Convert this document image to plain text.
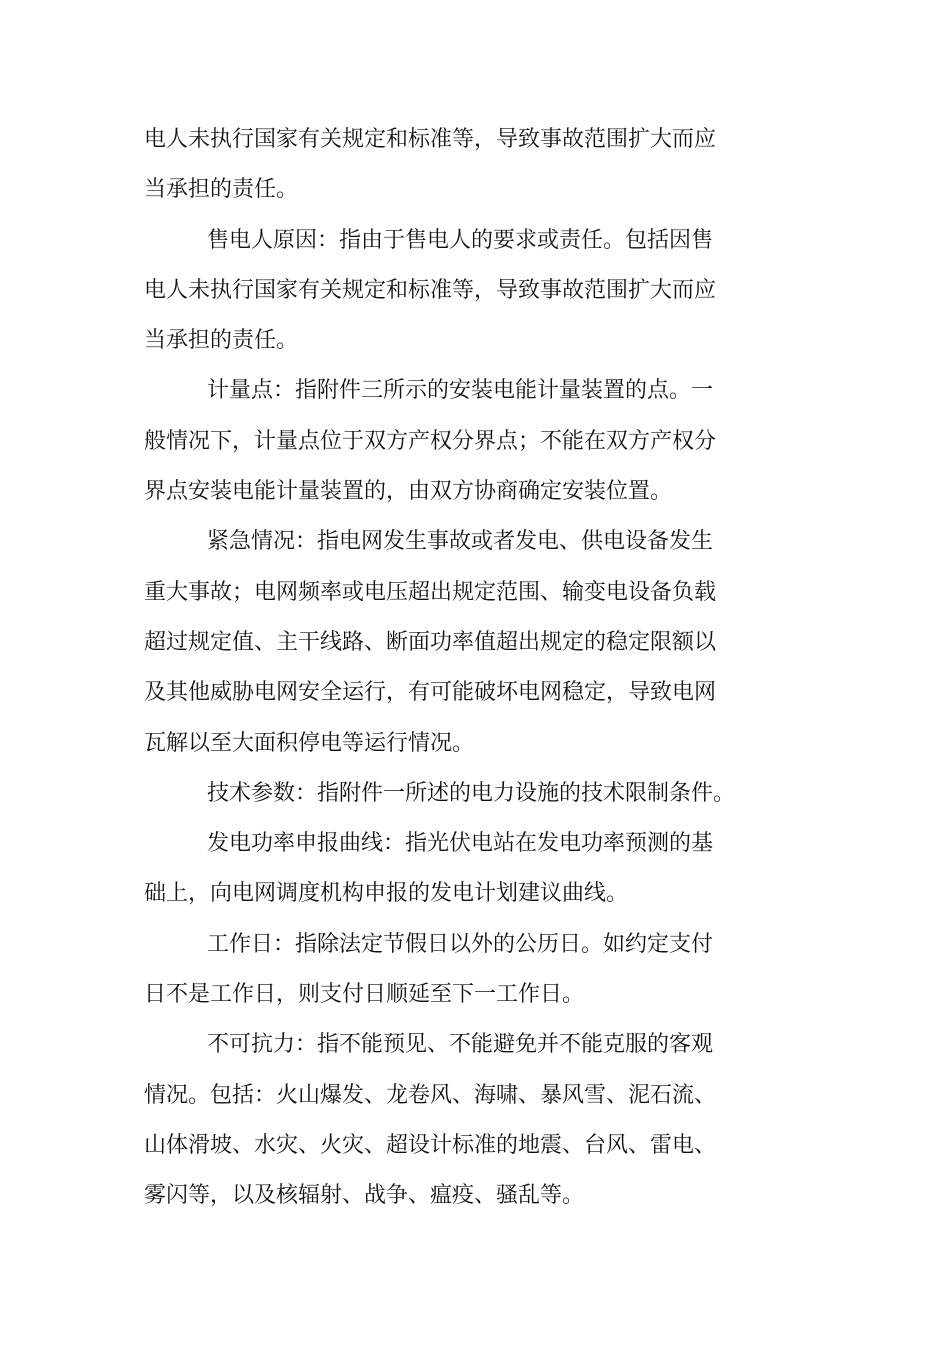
电人未执行国家有关规定和标准等，导致事故范围扩大而应
当承担的责任。
售电人原因：指由于售电人的要求或责任。包括因售
电人未执行国家有关规定和标准等，导致事故范围扩大而应
当承担的责任。
计量点：指附件三所示的安装电能计量装置的点。一
般情况下，计量点位于双方产权分界点；不能在双方产权分
界点安装电能计量装置的，由双方协商确定安装位置。
紧急情况：指电网发生事故或者发电、供电设备发生
重大事故；电网频率或电压超出规定范围、输变电设备负载
超过规定值、主干线路、断面功率值超出规定的稳定限额以
及其他威胁电网安全运行，有可能破坏电网稳定，导致电网
瓦解以至大面积停电等运行情况。
技术参数：指附件一所述的电力设施的技术限制条件。
发电功率申报曲线：指光伏电站在发电功率预测的基
础上，向电网调度机构申报的发电计划建议曲线。
工作日：指除法定节假日以外的公历日。如约定支付
日不是工作日，则支付日顺延至下一工作日。
不可抗力：指不能预见、不能避免并不能克服的客观
情况。包括：火山爆发、龙卷风、海啸、暴风雪、泥石流、
山体滑坡、水灾、火灾、超设计标准的地震、台风、雷电、
雾闪等，以及核辐射、战争、瘟疫、骚乱等。
